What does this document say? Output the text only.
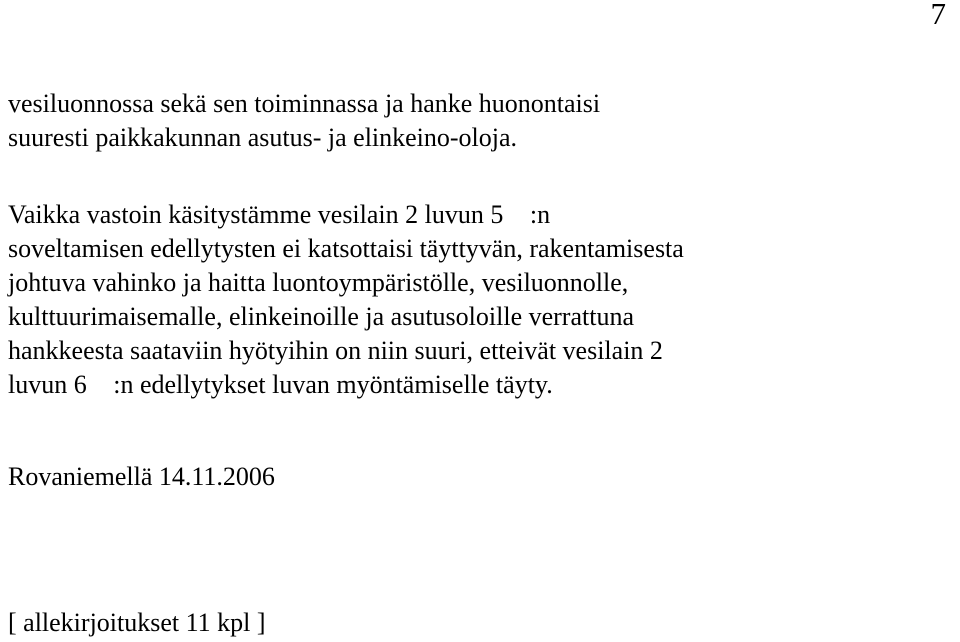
7
vesiluonnossa sekä sen toiminnassa ja hanke huonontaisi
suuresti paikkakunnan asutus- ja elinkeino-oloja.
Vaikka vastoin käsitystämme vesilain 2 luvun 5 :n
soveltamisen edellytysten ei katsottaisi täyttyvän, rakentamisesta
johtuva vahinko ja haitta luontoympäristölle, vesiluonnolle,
kulttuurimaisemalle, elinkeinoille ja asutusoloille verrattuna
hankkeesta saataviin hyötyihin on niin suuri, etteivät vesilain 2
luvun 6 :n edellytykset luvan myöntämiselle täyty.
Rovaniemellä 14.11.2006
[ allekirjoitukset 11 kpl ]
